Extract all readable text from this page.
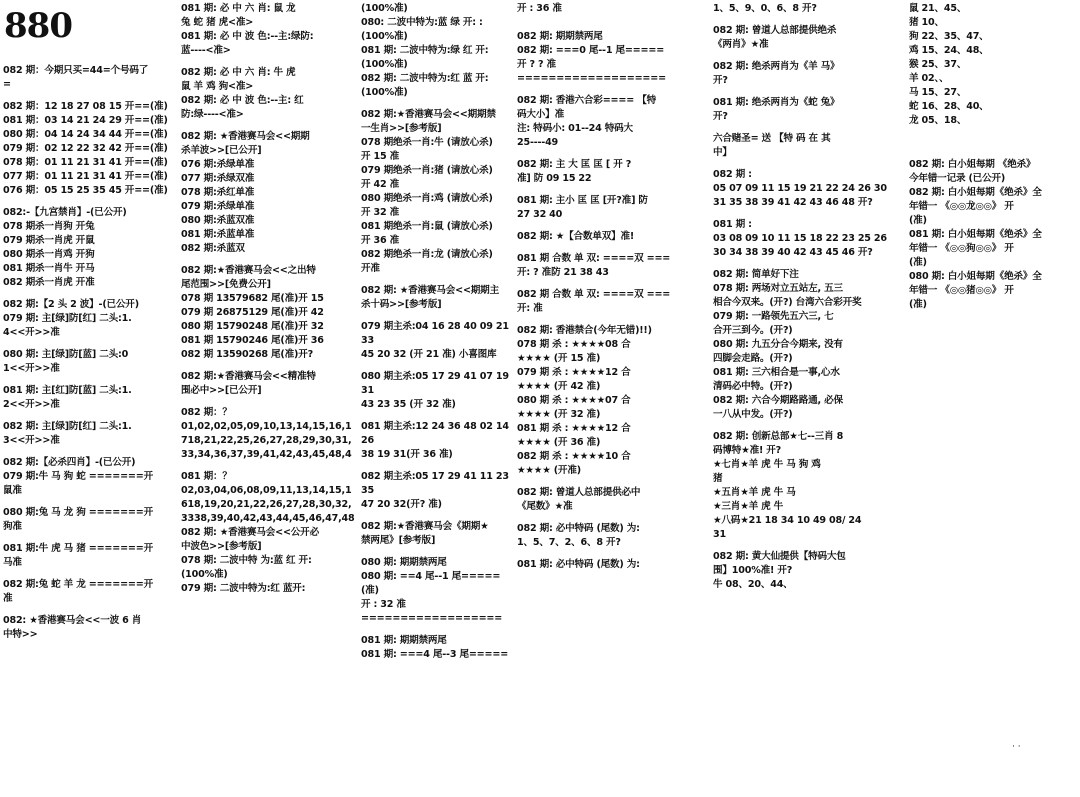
880

082 期：今期只买=44=个号码了
=

082 期：12 18 27 08 15 开==(准)
081 期：03 14 21 24 29 开==(准)
080 期：04 14 24 34 44 开==(准)
079 期：02 12 22 32 42 开==(准)
078 期：01 11 21 31 41 开==(准)
077 期：01 11 21 31 41 开==(准)
076 期：05 15 25 35 45 开==(准)

082:-【九宫禁肖】-(已公开)
078 期杀一肖狗 开兔
079 期杀一肖虎 开鼠
080 期杀一肖鸡 开狗
081 期杀一肖牛 开马
082 期杀一肖虎 开准

082 期:【2 头 2 波】-(已公开)
079 期: 主[绿]防[红] 二头:1.
4<<开>>准

080 期: 主[绿]防[蓝] 二头:0
1<<开>>准

081 期: 主[红]防[蓝] 二头:1.
2<<开>>准

082 期: 主[绿]防[红] 二头:1.
3<<开>>准

082 期:【必杀四肖】-(已公开)
079 期:牛 马 狗 蛇 =======开
鼠准

080 期:兔 马 龙 狗 =======开
狗准

081 期:牛 虎 马 猪 =======开
马准

082 期:兔 蛇 羊 龙 =======开
准

082: ★香港赛马会<<一波 6 肖
中特>>

081 期: 必 中 六 肖: 鼠 龙
兔 蛇 猪 虎<准>
081 期: 必 中 波 色:--主:绿防:
蓝----<准>

082 期: 必 中 六 肖: 牛 虎
鼠 羊 鸡 狗<准>
082 期: 必 中 波 色:--主: 红
防:绿----<准>

082 期: ★香港赛马会<<期期
杀羊波>>[已公开]
076 期:杀绿单准
077 期:杀绿双准
078 期:杀红单准
079 期:杀绿单准
080 期:杀蓝双准
081 期:杀蓝单准
082 期:杀蓝双

082 期:★香港赛马会<<之出特
尾范围>>[免费公开]
078 期 13579682 尾(准)开 15
079 期 26875129 尾(准)开 42
080 期 15790248 尾(准)开 32
081 期 15790246 尾(准)开 36
082 期 13590268 尾(准)开?

082 期:★香港赛马会<<精准特
围必中>>[已公开]

082 期：？
01,02,02,05,09,10,13,14,15,16,1
718,21,22,25,26,27,28,29,30,31,
33,34,36,37,39,41,42,43,45,48,4

081 期：？
02,03,04,06,08,09,11,13,14,15,1
618,19,20,21,22,26,27,28,30,32,
3338,39,40,42,43,44,45,46,47,48
082 期: ★香港赛马会<<公开必
中波色>>[参考版]
078 期: 二波中特 为:蓝 红 开:
(100%准)
079 期: 二波中特为:红 蓝开:

(100%准)
080: 二波中特为:蓝 绿 开: :
(100%准)
081 期: 二波中特为:绿 红 开:
(100%准)
082 期: 二波中特为:红 蓝 开:
(100%准)

082 期:★香港赛马会<<期期禁
一生肖>>[参考版]
078 期绝杀一肖:牛 (请放心杀)
开 15 准
079 期绝杀一肖:猪 (请放心杀)
开 42 准
080 期绝杀一肖:鸡 (请放心杀)
开 32 准
081 期绝杀一肖:鼠 (请放心杀)
开 36 准
082 期绝杀一肖:龙 (请放心杀)
开准

082 期: ★香港赛马会<<期期主
杀十码>>[参考版]

079 期主杀:04 16 28 40 09 21 33
45 20 32 (开 21 准) 小喜图库

080 期主杀:05 17 29 41 07 19 31
43 23 35 (开 32 准)

081 期主杀:12 24 36 48 02 14 26
38 19 31(开 36 准)

082 期主杀:05 17 29 41 11 23 35
47 20 32(开? 准)

082 期:★香港赛马会《期期★
禁两尾》[参考版]

080 期: 期期禁两尾
080 期: ==4 尾--1 尾===== (准)
开 : 32 准
==================

081 期: 期期禁两尾
081 期: ===4 尾--3 尾=====

开 : 36 准

082 期: 期期禁两尾
082 期: ===0 尾--1 尾=====
开 ? ? 准
===================

082 期: 香港六合彩==== 【特
码大小】准
注: 特码小: 01--24 特码大
25----49

082 期: 主 大 匡 匡 [ 开 ?
准] 防 09 15 22

081 期: 主小 匡 匡 [开?准] 防
27 32 40

082 期: ★【合数单双】准!

081 期 合数 单 双: ====双 ===
开: ? 准防 21 38 43

082 期 合数 单 双: ====双 ===
开: 准

082 期: 香港禁合(今年无错)!!)
078 期 杀 : ★★★★08 合
★★★★ (开 15 准)
079 期 杀 : ★★★★12 合
★★★★ (开 42 准)
080 期 杀 : ★★★★07 合
★★★★ (开 32 准)
081 期 杀 : ★★★★12 合
★★★★ (开 36 准)
082 期 杀 : ★★★★10 合
★★★★ (开准)

082 期: 曾道人总部提供必中
《尾数》★准

082 期: 必中特码 (尾数) 为:
1、5、7、2、6、8 开?

081 期: 必中特码 (尾数) 为:

1、5、9、0、6、8 开?

082 期: 曾道人总部提供绝杀
《两肖》★准

082 期: 绝杀两肖为《羊 马》
开?

081 期: 绝杀两肖为《蛇 兔》
开?

六合赌圣= 送 【特 码 在 其
中】

082 期 :
05 07 09 11 15 19 21 22 24 26 30
31 35 38 39 41 42 43 46 48 开?

081 期 :
03 08 09 10 11 15 18 22 23 25 26
30 34 38 39 40 42 43 45 46 开?

082 期: 简单好下注
078 期: 两场对立五站左, 五三
相合今双来。(开?) 台湾六合彩开奖
079 期: 一路领先五六三, 七
合开三到今。(开?)
080 期: 九五分合今期来, 没有
四脚会走路。(开?)
081 期: 三六相合是一事,心水
清码必中特。(开?)
082 期: 六合今期路路通, 必保
一八从中发。(开?)

082 期: 创新总部★七--三肖 8
码博特★准! 开?
★七肖★羊 虎 牛 马 狗 鸡
猪
★五肖★羊 虎 牛 马
★三肖★羊 虎 牛
★八码★21 18 34 10 49 08/ 24
31

082 期: 黄大仙提供【特码大包
围】100%准! 开?
牛 08、20、44、

鼠 21、45、
猪 10、
狗 22、35、47、
鸡 15、24、48、
猴 25、37、
羊 02、、
马 15、27、
蛇 16、28、40、
龙 05、18、

082 期: 白小姐每期 《绝杀》
今年错一记录 (已公开)
082 期: 白小姐每期《绝杀》全
年错一 《◎◎龙◎◎》 开
(准)
081 期: 白小姐每期《绝杀》全
年错一 《◎◎狗◎◎》 开
(准)
080 期: 白小姐每期《绝杀》全
年错一 《◎◎猪◎◎》 开
(准)

· ·
